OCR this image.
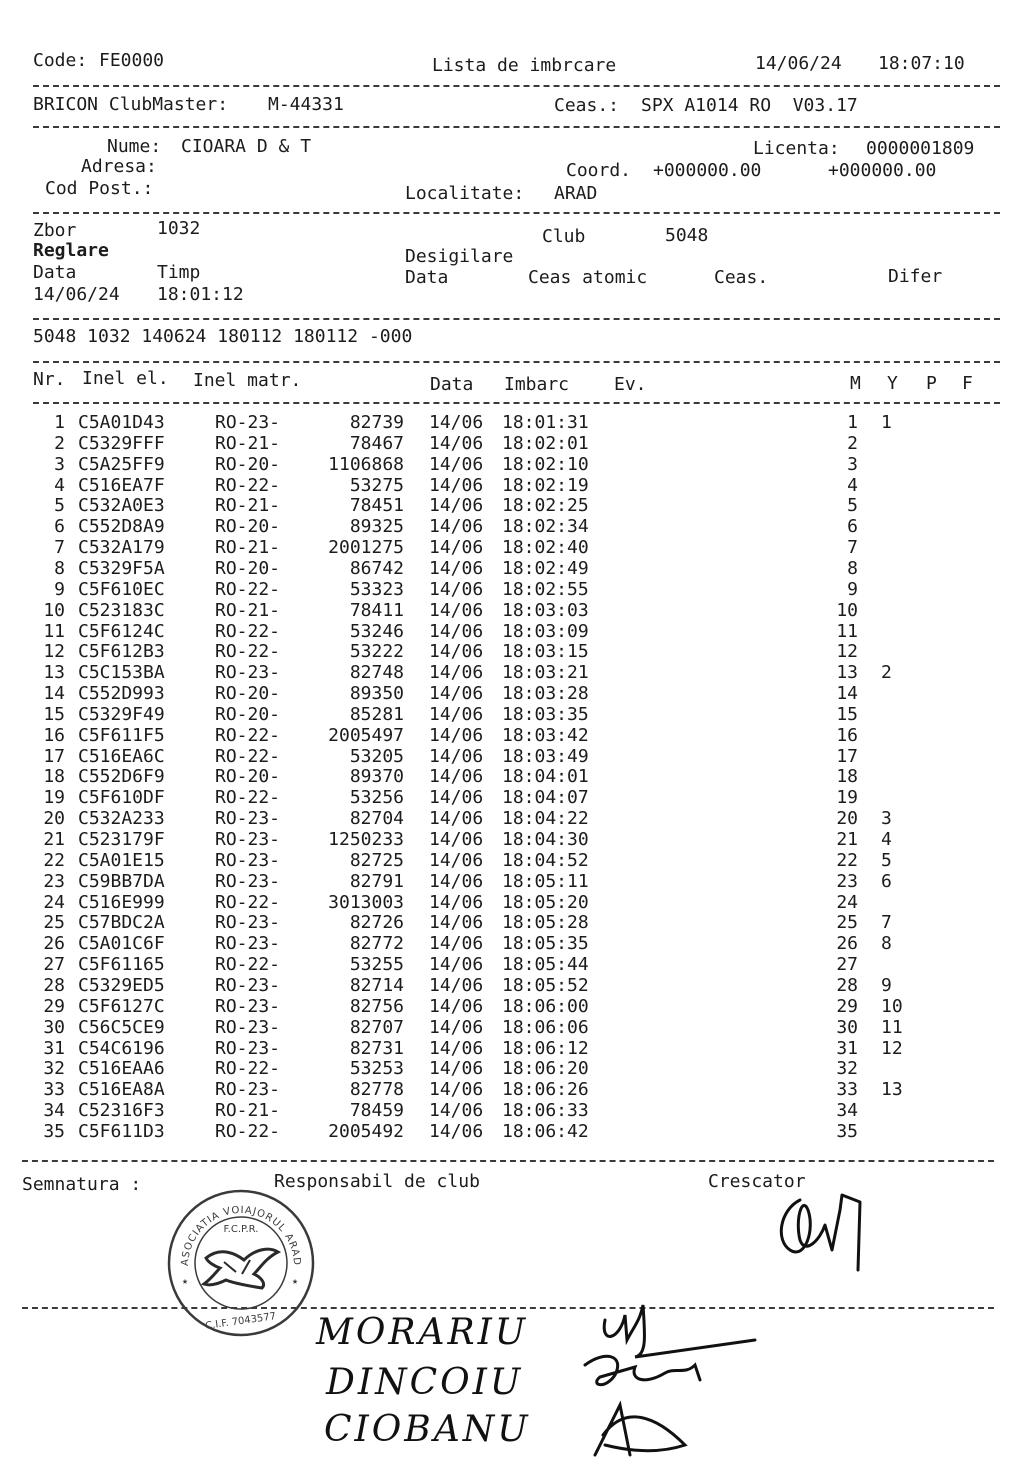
Code: FE0000	Lista de imbrcare	14/06/24 18:07:10
BRICON ClubMaster: M-44331	Ceas.: SPX A1014 RO  V03.17
Nume: CIOARA D & T	Licenta: 0000001809
Adresa:	Coord. +000000.00	+000000.00
Cod Post.:	Localitate: ARAD
Zbor	1032	Club	5048
Reglare	Desigilare
Data	Timp	Data	Ceas atomic	Ceas.	Difer
14/06/24 18:01:12
5048 1032 140624 180112 180112 -000
Nr. Inel el. Inel matr.	Data Imbarc Ev.	M Y P F
1 C5A01D43	RO-23-	82739 14/06 18:01:31	1 1
2 C5329FFF	RO-21-	78467 14/06 18:02:01	2
3 C5A25FF9	RO-20-	1106868 14/06 18:02:10	3
4 C516EA7F	RO-22-	53275 14/06 18:02:19	4
5 C532A0E3	RO-21-	78451 14/06 18:02:25	5
6 C552D8A9	RO-20-	89325 14/06 18:02:34	6
7 C532A179	RO-21-	2001275 14/06 18:02:40	7
8 C5329F5A	RO-20-	86742 14/06 18:02:49	8
9 C5F610EC	RO-22-	53323 14/06 18:02:55	9
10 C523183C	RO-21-	78411 14/06 18:03:03	10
11 C5F6124C	RO-22-	53246 14/06 18:03:09	11
12 C5F612B3	RO-22-	53222 14/06 18:03:15	12
13 C5C153BA	RO-23-	82748 14/06 18:03:21	13 2
14 C552D993	RO-20-	89350 14/06 18:03:28	14
15 C5329F49	RO-20-	85281 14/06 18:03:35	15
16 C5F611F5	RO-22-	2005497 14/06 18:03:42	16
17 C516EA6C	RO-22-	53205 14/06 18:03:49	17
18 C552D6F9	RO-20-	89370 14/06 18:04:01	18
19 C5F610DF	RO-22-	53256 14/06 18:04:07	19
20 C532A233	RO-23-	82704 14/06 18:04:22	20 3
21 C523179F	RO-23-	1250233 14/06 18:04:30	21 4
22 C5A01E15	RO-23-	82725 14/06 18:04:52	22 5
23 C59BB7DA	RO-23-	82791 14/06 18:05:11	23 6
24 C516E999	RO-22-	3013003 14/06 18:05:20	24
25 C57BDC2A	RO-23-	82726 14/06 18:05:28	25 7
26 C5A01C6F	RO-23-	82772 14/06 18:05:35	26 8
27 C5F61165	RO-22-	53255 14/06 18:05:44	27
28 C5329ED5	RO-23-	82714 14/06 18:05:52	28 9
29 C5F6127C	RO-23-	82756 14/06 18:06:00	29 10
30 C56C5CE9	RO-23-	82707 14/06 18:06:06	30 11
31 C54C6196	RO-23-	82731 14/06 18:06:12	31 12
32 C516EAA6	RO-22-	53253 14/06 18:06:20	32
33 C516EA8A	RO-23-	82778 14/06 18:06:26	33 13
34 C52316F3	RO-21-	78459 14/06 18:06:33	34
35 C5F611D3	RO-22-	2005492 14/06 18:06:42	35
Semnatura :	Responsabil de club	Crescator
ASOCIATIA VOIAJORUL ARAD
F.C.P.R.
★	★
C.I.F. 7043577 MORARIU
DINCOIU
CIOBANU
